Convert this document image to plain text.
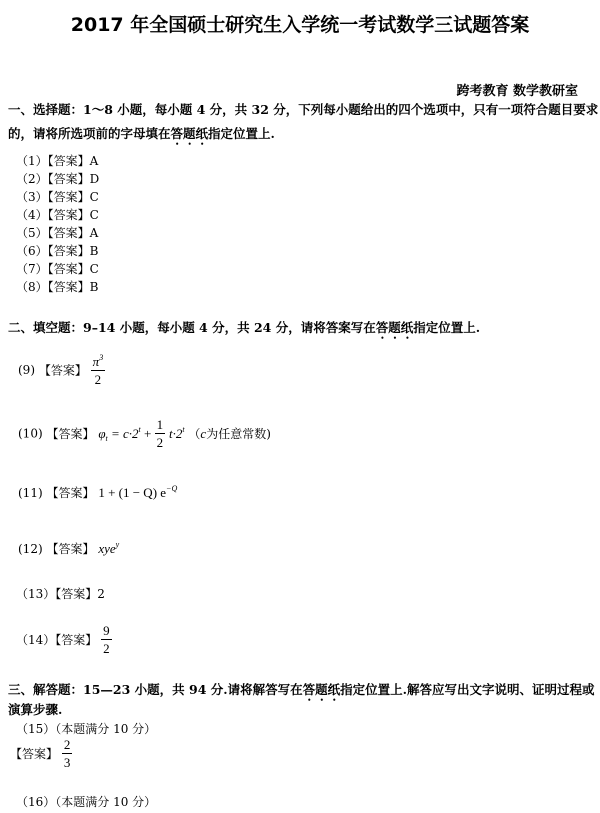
2017 年全国硕士研究生入学统一考试数学三试题答案
跨考教育 数学教研室
一、选择题：1～8 小题，每小题 4 分，共 32 分，下列每小题给出的四个选项中，只有一项符合题目要求
的，请将所选项前的字母填在答题纸指定位置上.
（1）【答案】A
（2）【答案】D
（3）【答案】C
（4）【答案】C
（5）【答案】A
（6）【答案】B
（7）【答案】C
（8）【答案】B
二、填空题：9–14 小题，每小题 4 分，共 24 分，请将答案写在答题纸指定位置上.
(9) 【答案】 $\frac{\pi^3}{2}$
(10) 【答案】 $\varphi_t = c\cdot 2^t + \frac{1}{2} t\cdot 2^t$ （c为任意常数)
(11) 【答案】 1 + (1 − Q) $e^{-Q}$
(12) 【答案】 xye$^y$
（13）【答案】2
（14）【答案】 $\frac{9}{2}$
三、解答题：15—23 小题，共 94 分.请将解答写在答题纸指定位置上.解答应写出文字说明、证明过程或
演算步骤.
（15）（本题满分 10 分）
【答案】 $\frac{2}{3}$
（16）（本题满分 10 分）
